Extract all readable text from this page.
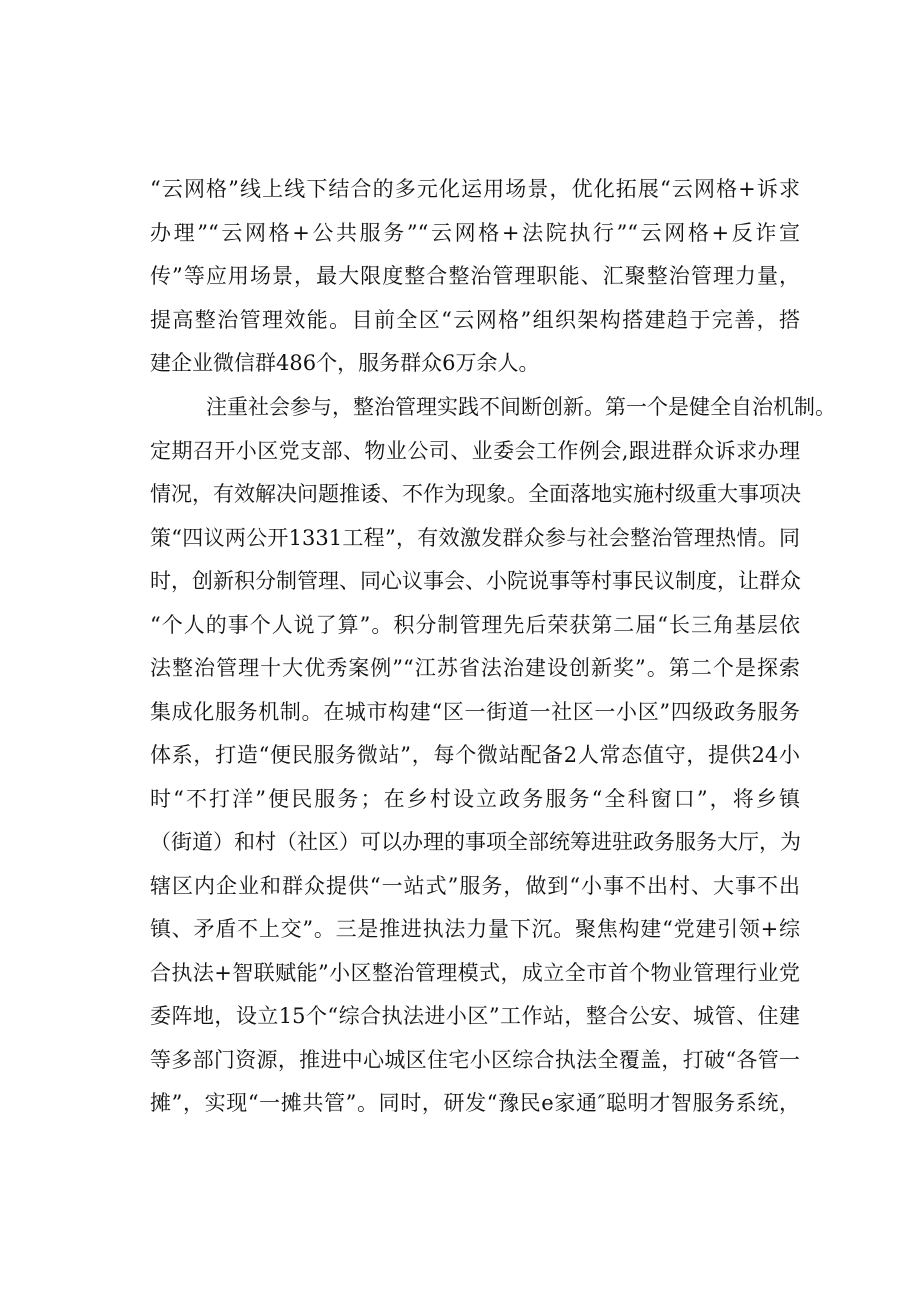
“云网格”线上线下结合的多元化运用场景，优化拓展“云网格+诉求
办理”“云网格+公共服务”“云网格+法院执行”“云网格+反诈宣
传”等应用场景，最大限度整合整治管理职能、汇聚整治管理力量，
提高整治管理效能。目前全区“云网格”组织架构搭建趋于完善，搭
建企业微信群486个，服务群众6万余人。
注重社会参与，整治管理实践不间断创新。第一个是健全自治机制。
定期召开小区党支部、物业公司、业委会工作例会,跟进群众诉求办理
情况，有效解决问题推诿、不作为现象。全面落地实施村级重大事项决
策“四议两公开1331工程”，有效激发群众参与社会整治管理热情。同
时，创新积分制管理、同心议事会、小院说事等村事民议制度，让群众
“个人的事个人说了算”。积分制管理先后荣获第二届“长三角基层依
法整治管理十大优秀案例”“江苏省法治建设创新奖”。第二个是探索
集成化服务机制。在城市构建“区一街道一社区一小区”四级政务服务
体系，打造“便民服务微站”，每个微站配备2人常态值守，提供24小
时“不打洋”便民服务；在乡村设立政务服务“全科窗口”，将乡镇
（街道）和村（社区）可以办理的事项全部统筹进驻政务服务大厅，为
辖区内企业和群众提供“一站式”服务，做到“小事不出村、大事不出
镇、矛盾不上交”。三是推进执法力量下沉。聚焦构建“党建引领+综
合执法+智联赋能”小区整治管理模式，成立全市首个物业管理行业党
委阵地，设立15个“综合执法进小区”工作站，整合公安、城管、住建
等多部门资源，推进中心城区住宅小区综合执法全覆盖，打破“各管一
摊”，实现“一摊共管”。同时，研发“豫民e家通″聪明才智服务系统，
